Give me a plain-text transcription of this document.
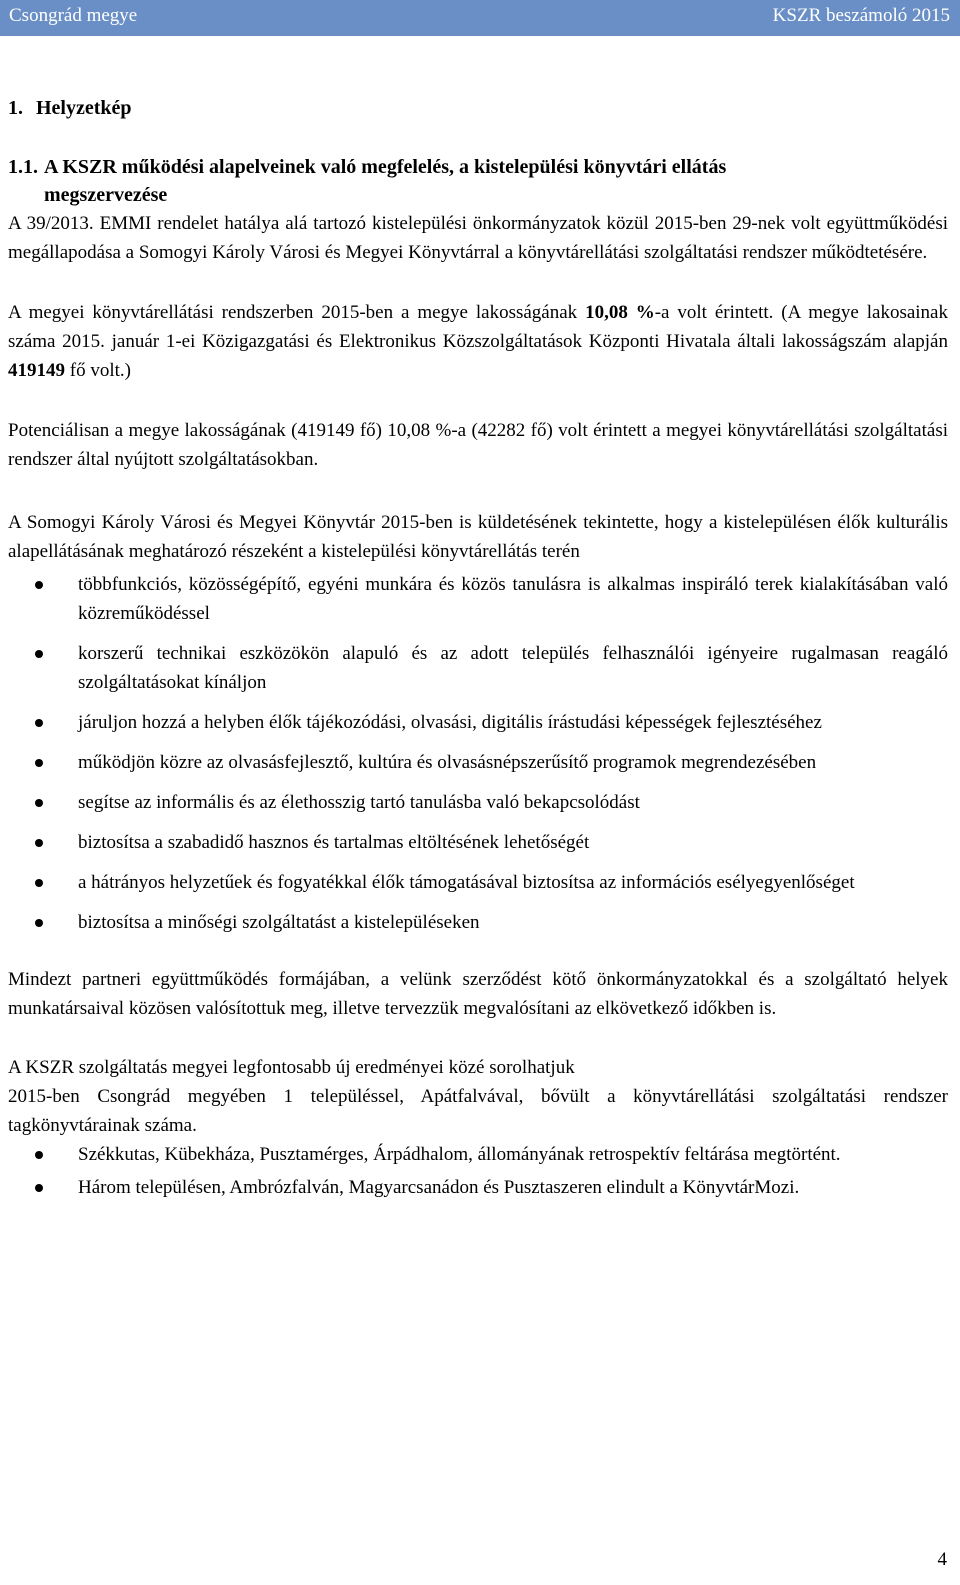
Csongrád megye	KSZR beszámoló 2015
1. Helyzetkép
1.1. A KSZR működési alapelveinek való megfelelés, a kistelepülési könyvtári ellátás
megszervezése

A 39/2013. EMMI rendelet hatálya alá tartozó kistelepülési önkormányzatok közül 2015-ben 29-nek volt együttműködési megállapodása a Somogyi Károly Városi és Megyei Könyvtárral a könyvtárellátási szolgáltatási rendszer működtetésére.

A megyei könyvtárellátási rendszerben 2015-ben a megye lakosságának 10,08 %-a volt érintett. (A megye lakosainak száma 2015. január 1-ei Közigazgatási és Elektronikus Közszolgáltatások Központi Hivatala általi lakosságszám alapján 419149 fő volt.)

Potenciálisan a megye lakosságának (419149 fő) 10,08 %-a (42282 fő) volt érintett a megyei könyvtárellátási szolgáltatási rendszer által nyújtott szolgáltatásokban.

A Somogyi Károly Városi és Megyei Könyvtár 2015-ben is küldetésének tekintette, hogy a kistelepülésen élők kulturális alapellátásának meghatározó részeként a kistelepülési könyvtárellátás terén

többfunkciós, közösségépítő, egyéni munkára és közös tanulásra is alkalmas inspiráló terek kialakításában való közreműködéssel
korszerű technikai eszközökön alapuló és az adott település felhasználói igényeire rugalmasan reagáló szolgáltatásokat kínáljon
járuljon hozzá a helyben élők tájékozódási, olvasási, digitális írástudási képességek fejlesztéséhez
működjön közre az olvasásfejlesztő, kultúra és olvasásnépszerűsítő programok megrendezésében
segítse az informális és az élethosszig tartó tanulásba való bekapcsolódást
biztosítsa a szabadidő hasznos és tartalmas eltöltésének lehetőségét
a hátrányos helyzetűek és fogyatékkal élők támogatásával biztosítsa az információs esélyegyenlőséget
biztosítsa a minőségi szolgáltatást a kistelepüléseken

Mindezt partneri együttműködés formájában, a velünk szerződést kötő önkormányzatokkal és a szolgáltató helyek munkatársaival közösen valósítottuk meg, illetve tervezzük megvalósítani az elkövetkező időkben is.

A KSZR szolgáltatás megyei legfontosabb új eredményei közé sorolhatjuk

2015-ben Csongrád megyében 1 településsel, Apátfalvával, bővült a könyvtárellátási szolgáltatási rendszer tagkönyvtárainak száma.

Székkutas, Kübekháza, Pusztamérges, Árpádhalom, állományának retrospektív feltárása megtörtént.
Három településen, Ambrózfalván, Magyarcsanádon és Pusztaszeren elindult a KönyvtárMozi.
4
